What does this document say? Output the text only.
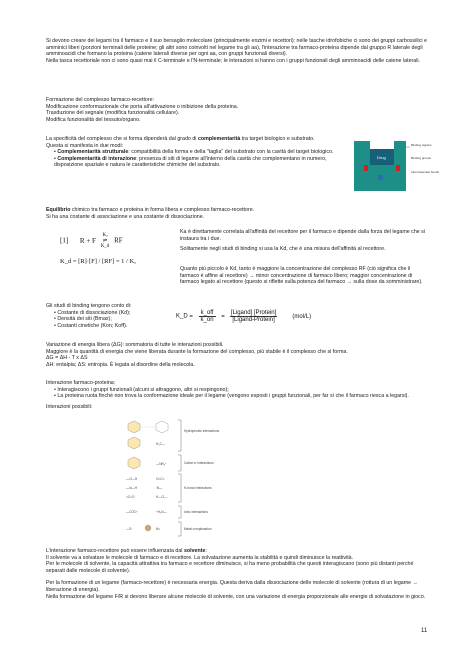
Si devono creare dei legami tra il farmaco e il suo bersaglio molecolare (principalmente enzimi e recettori): nelle tasche idrofobiche ci sono dei gruppi carbossilici e amminici liberi (porzioni terminali delle proteine; gli altri sono coinvolti nel legame tra gli aa), l'interazione tra farmaco-proteina dipende dal gruppo R laterale degli amminoacidi che formano la proteina (catene laterali diverse per ogni aa, con gruppi funzionali diversi).

Nella tasca recettoriale non ci sono quasi mai il C-terminale e l'N-terminale; le interazioni si hanno con i gruppi funzionali degli amminoacidi delle catene laterali.

Formazione del complesso farmaco-recettore:

Modificazione conformazionale che porta all'attivazione o inibizione della proteina.

Trasduzione del segnale (modifica funzionalità cellulare).

Modifica funzionalità del tessuto/organo.

La specificità del complesso che si forma dipenderà dal grado di complementarità tra target biologico e substrato.

Questa si manifesta in due modi:

• Complementarità strutturale: compatibilità della forma e della "taglia" del substrato con la cavità del target biologico.

• Complementarità di interazione: presenza di siti di legame all'interno della cavità che complementano in numero, disposizione spaziale e natura le caratteristiche chimiche del substrato.

Drug
Binding site
Binding regions
Binding groups
Intermolecular bonds

Equilibrio chimico tra farmaco e proteina in forma libera e complesso farmaco-recettore.

Si ha una costante di associazione e una costante di dissociazione.

[1] R + F Kₐ
⇌
K_d RF
K_d = [R]·[F] / [RF] = 1 / Kₐ

Ka è direttamente correlata all'affinità del recettore per il farmaco e dipende dalla forza del legame che si instaura tra i due.

Solitamente negli studi di binding si usa la Kd, che è una misura dell'affinità al recettore.

Quanto più piccolo è Kd, tanto è maggiore la concentrazione del complesso RF (ciò significa che il farmaco è affine al recettore) → minor concentrazione di farmaco libero; maggior concentrazione di farmaco legato al recettore (questo si riflette sulla potenza del farmaco → sulla dose da somministrare).

Gli studi di binding tengono conto di:

• Costante di dissociazione (Kd);

• Densità dei siti (Bmax);

• Costanti cinetiche (Kon; Koff).

K_D = k_off
k_on = [Ligand] [Protein]
[Ligand-Protein] (mol/L)

Variazione di energia libera (ΔG): sommatoria di tutte le interazioni possibili.

Maggiore è la quantità di energia che viene liberata durante la formazione del complesso, più stabile è il complesso che si forma.

ΔG = ΔH - T x ΔS

ΔH: entalpia; ΔS: entropia. È legata al disordine della molecola.

Interazione farmaco-proteina:

• Interagiscono i gruppi funzionali (alcuni si attraggono, altri si respingono);

• La proteina ruota finché non trova la conformazione ideale per il legame (vengono esposti i gruppi funzionali, per far sì che il farmaco riesca a legarsi).

Interazioni possibili:

H₃C—
—NR₃⁺
—O—H	O=C<
—N—H	:N—
>C=O	H—O—
—COO⁻	⁺H₃N—
—S⁻	N<
Hydrophobic interactions
Cation-π interactions
H-bond interactions
Ionic interactions
Metal complexation

L'interazione farmaco-recettore può essere influenzata dal solvente:

Il solvente va a solvatare le molecole di farmaco e di recettore. La solvatazione aumenta la stabilità e quindi diminuisce la reattività.

Per le molecole di solvente, la capacità attrattiva tra farmaco e recettore diminuisce, si ha meno probabilità che questi interagiscano (sono più distanti perché separati dalle molecole di solvente).

Per la formazione di un legame (farmaco-recettore) è necessaria energia. Questa deriva dalla dissociazione delle molecole di solvente (rottura di un legame → liberazione di energia).

Nella formazione del legame F/R si devono liberare alcune molecole di solvente, con una variazione di energia proporzionale alle energie di solvatazione in gioco.

11
